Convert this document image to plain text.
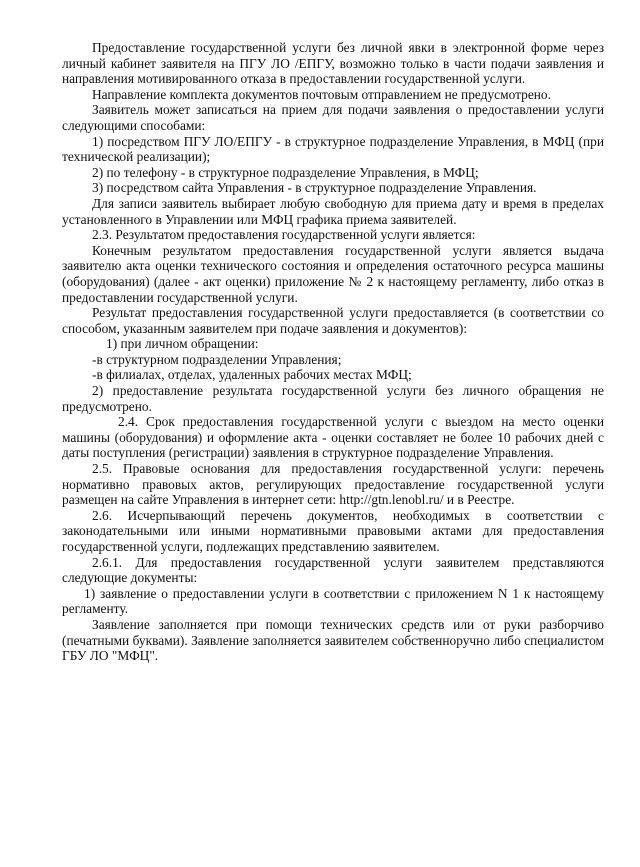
Предоставление государственной услуги без личной явки в электронной форме через личный кабинет заявителя на ПГУ ЛО /ЕПГУ, возможно только в части подачи заявления и направления мотивированного отказа в предоставлении государственной услуги.

Направление комплекта документов почтовым отправлением не предусмотрено.

Заявитель может записаться на прием для подачи заявления о предоставлении услуги следующими способами:

1) посредством ПГУ ЛО/ЕПГУ - в структурное подразделение Управления, в МФЦ (при технической реализации);

2) по телефону - в структурное подразделение Управления, в МФЦ;

3) посредством сайта Управления - в структурное подразделение Управления.

Для записи заявитель выбирает любую свободную для приема дату и время в пределах установленного в Управлении или МФЦ графика приема заявителей.

2.3. Результатом предоставления государственной услуги является:

Конечным результатом предоставления государственной услуги является выдача заявителю акта оценки технического состояния и определения остаточного ресурса машины (оборудования) (далее - акт оценки) приложение № 2 к настоящему регламенту, либо отказ в предоставлении государственной услуги.

Результат предоставления государственной услуги предоставляется (в соответствии со способом, указанным заявителем при подаче заявления и документов):

1) при личном обращении:

-в структурном подразделении Управления;

-в филиалах, отделах, удаленных рабочих местах МФЦ;

2) предоставление результата государственной услуги без личного обращения не предусмотрено.

2.4. Срок предоставления государственной услуги с выездом на место оценки машины (оборудования) и оформление акта - оценки составляет не более 10 рабочих дней с даты поступления (регистрации) заявления в структурное подразделение Управления.

2.5. Правовые основания для предоставления государственной услуги: перечень нормативно правовых актов, регулирующих предоставление государственной услуги размещен на сайте Управления в интернет сети: http://gtn.lenobl.ru/ и в Реестре.

2.6. Исчерпывающий перечень документов, необходимых в соответствии с законодательными или иными нормативными правовыми актами для предоставления государственной услуги, подлежащих представлению заявителем.

2.6.1. Для предоставления государственной услуги заявителем представляются следующие документы:

1) заявление о предоставлении услуги в соответствии с приложением N 1 к настоящему регламенту.

Заявление заполняется при помощи технических средств или от руки разборчиво (печатными буквами). Заявление заполняется заявителем собственноручно либо специалистом ГБУ ЛО "МФЦ".
